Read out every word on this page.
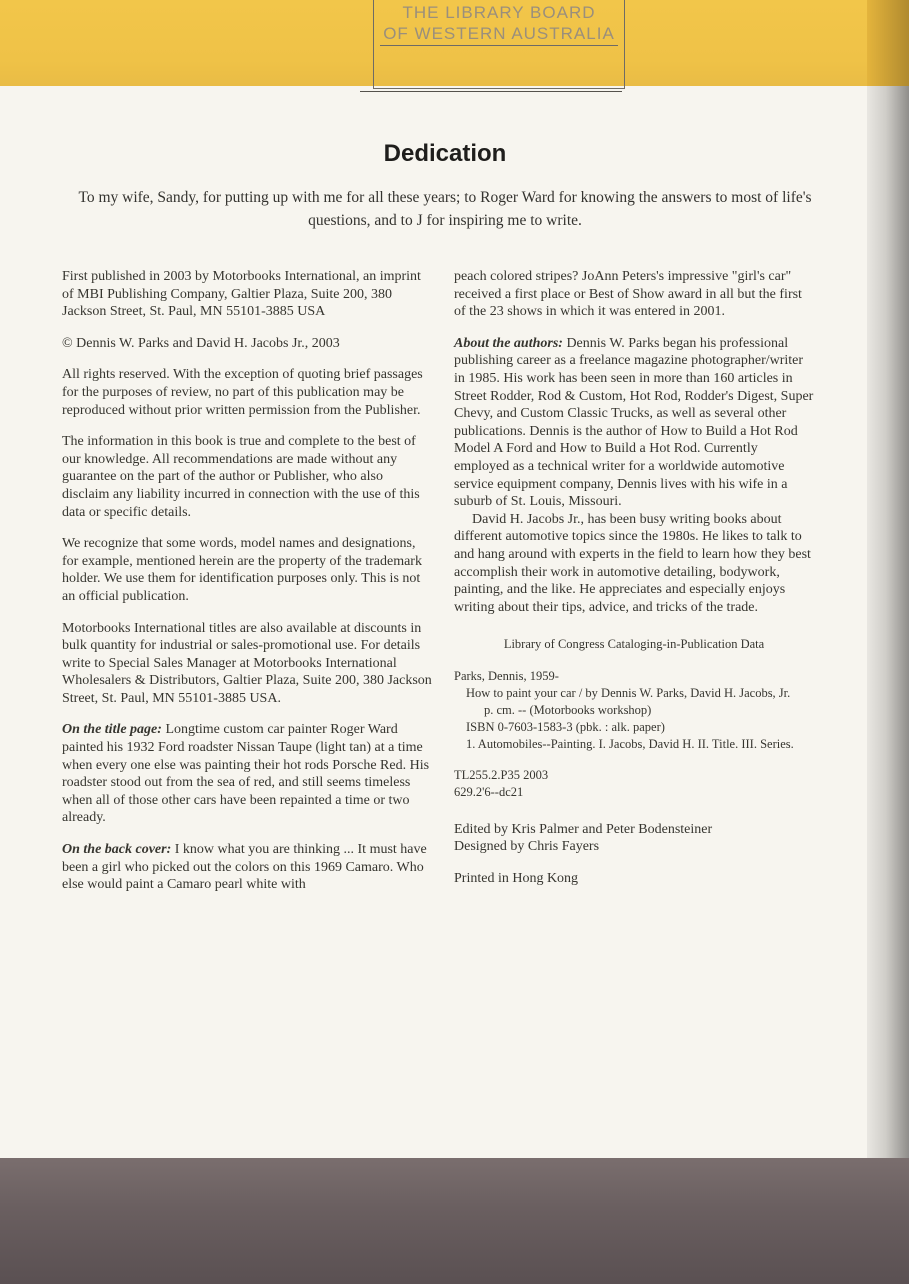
THE LIBRARY BOARD
OF WESTERN AUSTRALIA
Dedication

To my wife, Sandy, for putting up with me for all these years; to Roger Ward for knowing the answers to most of life's questions, and to J for inspiring me to write.

First published in 2003 by Motorbooks International, an imprint of MBI Publishing Company, Galtier Plaza, Suite 200, 380 Jackson Street, St. Paul, MN 55101-3885 USA

© Dennis W. Parks and David H. Jacobs Jr., 2003

All rights reserved. With the exception of quoting brief passages for the purposes of review, no part of this publication may be reproduced without prior written permission from the Publisher.

The information in this book is true and complete to the best of our knowledge. All recommendations are made without any guarantee on the part of the author or Publisher, who also disclaim any liability incurred in connection with the use of this data or specific details.

We recognize that some words, model names and designations, for example, mentioned herein are the property of the trademark holder. We use them for identification purposes only. This is not an official publication.

Motorbooks International titles are also available at discounts in bulk quantity for industrial or sales-promotional use. For details write to Special Sales Manager at Motorbooks International Wholesalers & Distributors, Galtier Plaza, Suite 200, 380 Jackson Street, St. Paul, MN 55101-3885 USA.

On the title page: Longtime custom car painter Roger Ward painted his 1932 Ford roadster Nissan Taupe (light tan) at a time when every one else was painting their hot rods Porsche Red. His roadster stood out from the sea of red, and still seems timeless when all of those other cars have been repainted a time or two already.

On the back cover: I know what you are thinking ... It must have been a girl who picked out the colors on this 1969 Camaro. Who else would paint a Camaro pearl white with

peach colored stripes? JoAnn Peters's impressive "girl's car" received a first place or Best of Show award in all but the first of the 23 shows in which it was entered in 2001.

About the authors: Dennis W. Parks began his professional publishing career as a freelance magazine photographer/writer in 1985. His work has been seen in more than 160 articles in Street Rodder, Rod & Custom, Hot Rod, Rodder's Digest, Super Chevy, and Custom Classic Trucks, as well as several other publications. Dennis is the author of How to Build a Hot Rod Model A Ford and How to Build a Hot Rod. Currently employed as a technical writer for a worldwide automotive service equipment company, Dennis lives with his wife in a suburb of St. Louis, Missouri.

David H. Jacobs Jr., has been busy writing books about different automotive topics since the 1980s. He likes to talk to and hang around with experts in the field to learn how they best accomplish their work in automotive detailing, bodywork, painting, and the like. He appreciates and especially enjoys writing about their tips, advice, and tricks of the trade.

Library of Congress Cataloging-in-Publication Data

Parks, Dennis, 1959-

How to paint your car / by Dennis W. Parks, David H. Jacobs, Jr.

p. cm. -- (Motorbooks workshop)

ISBN 0-7603-1583-3 (pbk. : alk. paper)

1. Automobiles--Painting. I. Jacobs, David H. II. Title. III. Series.

TL255.2.P35 2003

629.2'6--dc21

Edited by Kris Palmer and Peter Bodensteiner

Designed by Chris Fayers

Printed in Hong Kong
